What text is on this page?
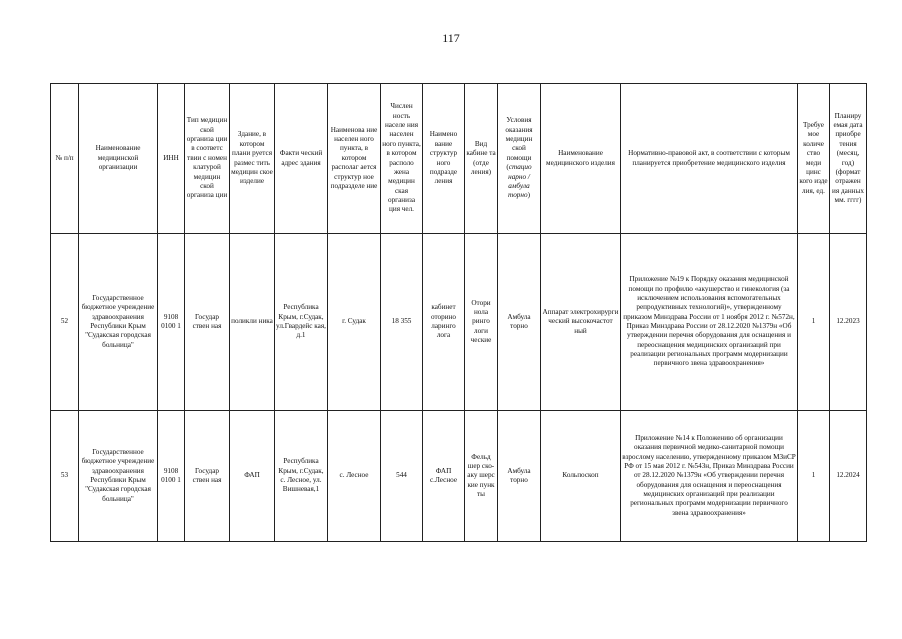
117
№ п/п	Наименование медицинской организации	ИНН	Тип медицин ской организа ции в соответс твии с номен клатурой медицин ской организа ции	Здание, в котором плани руется размес тить медицин ское изделие	Факти ческий адрес здания	Наименова ние населен ного пункта, в котором располаг ается структур ное подразделе ние	Числен ность населе ния населен ного пункта, в котором располо жена медицин ская организа ция чел.	Наимено вание структур ного подразде ления	Вид кабине та (отде ления)	Условия оказания медицин ской помощи (стацио нарно / амбула торно)	Наименование медицинского изделия	Нормативно-правовой акт, в соответствии с которым планируется приобретение медицинского изделия	Требуе мое количе ство меди цинс кого изде лия, ед.	Планиру емая дата приобре тения (месяц, год) (формат отражен ия данных мм. гггг)
52	Государственное бюджетное учреждение здравоохранения Республики Крым "Судакская городская больница"	9108 0100 1	Государ ствен ная	поликли ника	Республика Крым, г.Судак, ул.Гвардейс кая, д.1	г. Судак	18 355	кабинет оторино ларинго лога	Отори нола ринго логи ческие	Амбула торно	Аппарат электрохирурги ческий высокочастот ный	Приложение №19 к Порядку оказания медицинской помощи по профилю «акушерство и гинекология (за исключением использования вспомогательных репродуктивных технологий)», утвержденному приказом Минздрава России от 1 ноября 2012 г. №572н, Приказ Минздрава России от 28.12.2020 №1379н «Об утверждении перечня оборудования для оснащения и переоснащения медицинских организаций при реализации региональных программ модернизации первичного звена здравоохранения»	1	12.2023
53	Государственное бюджетное учреждение здравоохранения Республики Крым "Судакская городская больница"	9108 0100 1	Государ ствен ная	ФАП	Республика Крым, г.Судак, с. Лесное, ул. Вишневая,1	с. Лесное	544	ФАП с.Лесное	Фельд шер ско- аку шерс кие пунк ты	Амбула торно	Кольпоскоп	Приложение №14 к Положению об организации оказания первичной медико-санитарной помощи взрослому населению, утвержденному приказом МЗиСР РФ от 15 мая 2012 г. №543н, Приказ Минздрава России от 28.12.2020 №1379н «Об утверждении перечня оборудования для оснащения и переоснащения медицинских организаций при реализации региональных программ модернизации первичного звена здравоохранения»	1	12.2024
